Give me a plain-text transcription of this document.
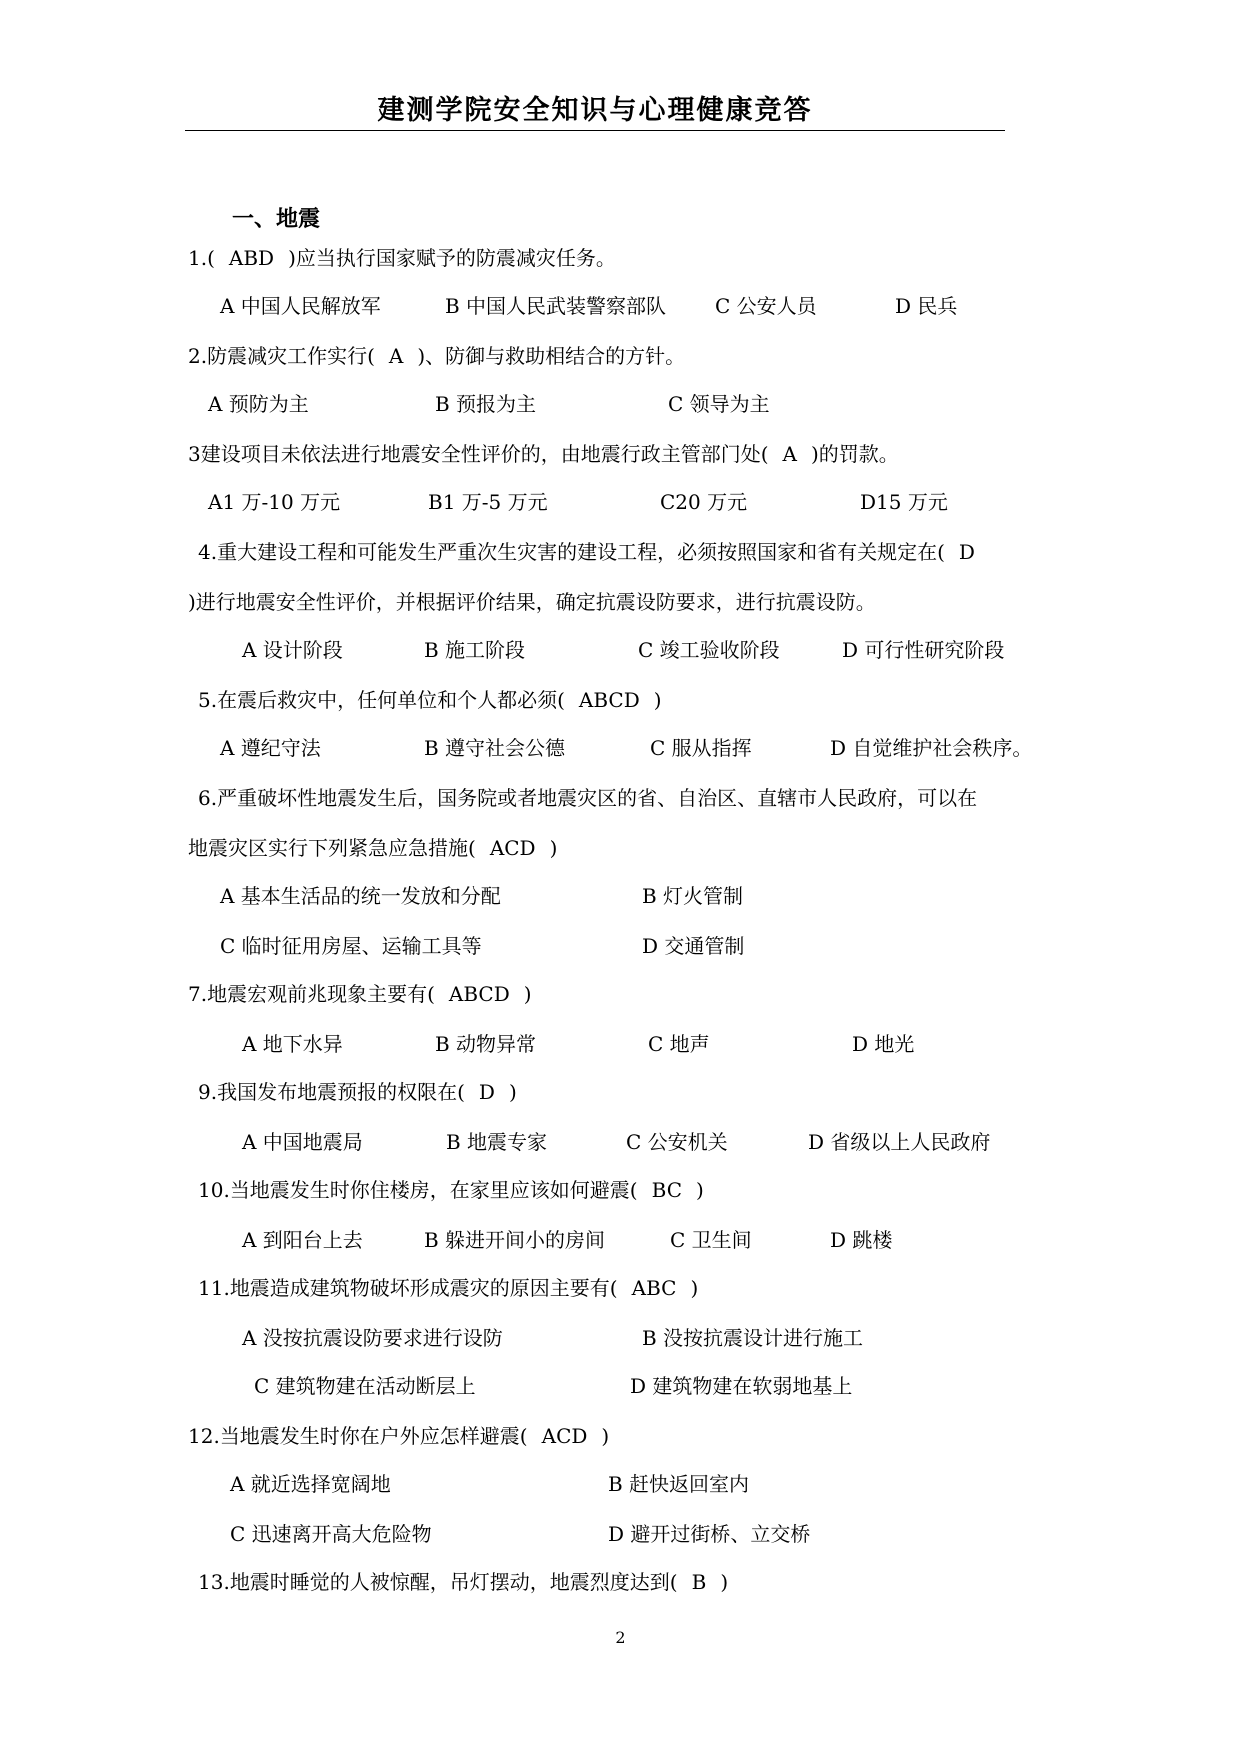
建测学院安全知识与心理健康竞答
一、地震
1.( ABD )应当执行国家赋予的防震减灾任务。
A 中国人民解放军	B 中国人民武装警察部队 C 公安人员	D 民兵
2.防震减灾工作实行( A )、防御与救助相结合的方针。
A 预防为主	B 预报为主	C 领导为主
3建设项目未依法进行地震安全性评价的，由地震行政主管部门处( A )的罚款。
A1 万-10 万元	B1 万-5 万元	C20 万元	D15 万元
4.重大建设工程和可能发生严重次生灾害的建设工程，必须按照国家和省有关规定在( D
)进行地震安全性评价，并根据评价结果，确定抗震设防要求，进行抗震设防。
A 设计阶段	B 施工阶段	C 竣工验收阶段	D 可行性研究阶段
5.在震后救灾中，任何单位和个人都必须( ABCD )
A 遵纪守法	B 遵守社会公德	C 服从指挥	D 自觉维护社会秩序。
6.严重破坏性地震发生后，国务院或者地震灾区的省、自治区、直辖市人民政府，可以在
地震灾区实行下列紧急应急措施( ACD )
A 基本生活品的统一发放和分配	B 灯火管制
C 临时征用房屋、运输工具等	D 交通管制
7.地震宏观前兆现象主要有( ABCD )
A 地下水异	B 动物异常	C 地声	D 地光
9.我国发布地震预报的权限在( D )
A 中国地震局	B 地震专家	C 公安机关	D 省级以上人民政府
10.当地震发生时你住楼房，在家里应该如何避震( BC )
A 到阳台上去	B 躲进开间小的房间	C 卫生间	D 跳楼
11.地震造成建筑物破坏形成震灾的原因主要有( ABC )
A 没按抗震设防要求进行设防	B 没按抗震设计进行施工
C 建筑物建在活动断层上	D 建筑物建在软弱地基上
12.当地震发生时你在户外应怎样避震( ACD )
A 就近选择宽阔地	B 赶快返回室内
C 迅速离开高大危险物	D 避开过街桥、立交桥
13.地震时睡觉的人被惊醒，吊灯摆动，地震烈度达到( B )
2
